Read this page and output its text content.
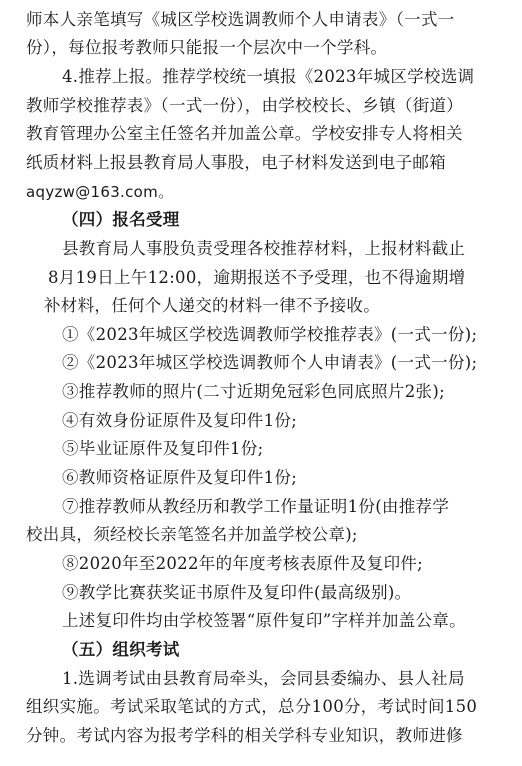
师本人亲笔填写《城区学校选调教师个人申请表》（一式一
份），每位报考教师只能报一个层次中一个学科。
4.推荐上报。推荐学校统一填报《2023年城区学校选调
教师学校推荐表》（一式一份），由学校校长、乡镇（街道）
教育管理办公室主任签名并加盖公章。学校安排专人将相关
纸质材料上报县教育局人事股，电子材料发送到电子邮箱
aqyzw@163.com。
（四）报名受理
县教育局人事股负责受理各校推荐材料，上报材料截止
8月19日上午12:00，逾期报送不予受理，也不得逾期增
补材料，任何个人递交的材料一律不予接收。
①《2023年城区学校选调教师学校推荐表》(一式一份);
②《2023年城区学校选调教师个人申请表》(一式一份);
③推荐教师的照片(二寸近期免冠彩色同底照片2张);
④有效身份证原件及复印件1份;
⑤毕业证原件及复印件1份;
⑥教师资格证原件及复印件1份;
⑦推荐教师从教经历和教学工作量证明1份(由推荐学
校出具，须经校长亲笔签名并加盖学校公章);
⑧2020年至2022年的年度考核表原件及复印件;
⑨教学比赛获奖证书原件及复印件(最高级别)。
上述复印件均由学校签署“原件复印”字样并加盖公章。
（五）组织考试
1.选调考试由县教育局牵头，会同县委编办、县人社局
组织实施。考试采取笔试的方式，总分100分，考试时间150
分钟。考试内容为报考学科的相关学科专业知识，教师进修
